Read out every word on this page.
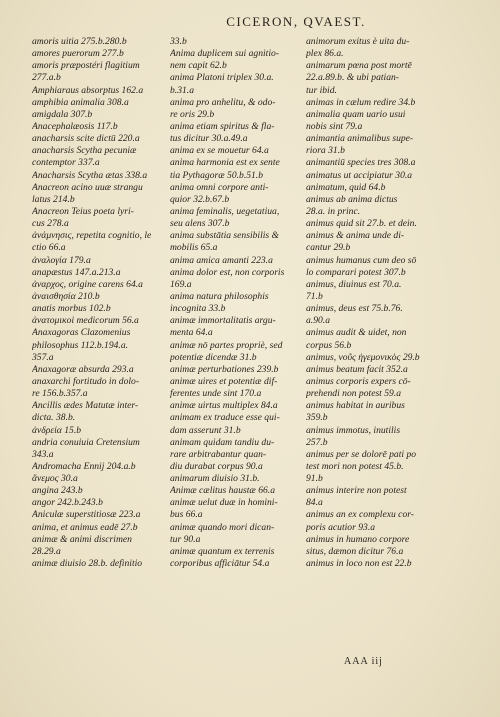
CICERON, QVAEST.
amoris uitia 275.b.280.b
amores puerorum 277.b
amoris præpostéri flagitium
277.a.b
Amphiaraus absorptus 162.a
amphibia animalia 308.a
amigdala 307.b
Anacephalæosis 117.b
anacharsis scite dictū 220.a
anacharsis Scytha pecuniæ
contemptor 337.a
Anacharsis Scytha ætas 338.a
Anacreon acino uuæ strangu
latus 214.b
Anacreon Teius poeta lyri-
cus 278.a
ἀνάμνησις, repetita cognitio, le
ctio 66.a
ἀναλογία 179.a
anapæstus 147.a.213.a
ἀναρχος, origine carens 64.a
ἀναισθησία 210.b
anatis morbus 102.b
ἀνατομικοὶ medicorum 56.a
Anaxagoras Clazomenius
philosophus 112.b.194.a.
357.a
Anaxagoræ absurda 293.a
anaxarchi fortitudo in dolo-
re 156.b.357.a
Ancillis ædes Matutæ inter-
dicta. 38.b.
ἀνδρεία 15.b
andria conuiuia Cretensium
343.a
Andromacha Ennij 204.a.b
ἄνεμος 30.a
angina 243.b
angor 242.b.243.b
Aniculæ superstitiosæ 223.a
anima, et animus eadē 27.b
animæ & animi discrimen
28.29.a
animæ diuisio 28.b. definitio
33.b
Anima duplicem sui agnitio-
nem capit 62.b
anima Platoni triplex 30.a.
b.31.a
anima pro anhelitu, & odo-
re oris 29.b
anima etiam spiritus & fla-
tus dicitur 30.a.49.a
anima ex se mouetur 64.a
anima harmonia est ex sente
tia Pythagoræ 50.b.51.b
anima omni corpore anti-
quior 32.b.67.b
anima feminalis, uegetatiua,
seu alens 307.b
anima substātia sensibilis &
mobilis 65.a
anima amica amanti 223.a
anima dolor est, non corporis
169.a
anima natura philosophis
incognita 33.b
animæ immortalitatis argu-
menta 64.a
animæ nō partes propriè, sed
potentiæ dicendæ 31.b
animæ perturbationes 239.b
animæ uires et potentiæ dif-
ferentes unde sint 170.a
animæ uirtus multiplex 84.a
animam ex traduce esse qui-
dam asserunt 31.b
animam quidam tandiu du-
rare arbitrabantur quan-
diu durabat corpus 90.a
animarum diuisio 31.b.
Animæ cælitus haustæ 66.a
animæ uelut duæ in homini-
bus 66.a
animæ quando mori dican-
tur 90.a
animæ quantum ex terrenis
corporibus afficiātur 54.a
animorum exitus è uita du-
plex 86.a.
animarum pœna post mortē
22.a.89.b. & ubi patian-
tur ibid.
animas in cælum redire 34.b
animalia quam uario usui
nobis sint 79.a
animantia animalibus supe-
riora 31.b
animantiū species tres 308.a
animatus ut accipiatur 30.a
animatum, quid 64.b
animus ab anima dictus
28.a. in princ.
animus quid sit 27.b. et dein.
animus & anima unde di-
cantur 29.b
animus humanus cum deo sō
lo comparari potest 307.b
animus, diuinus est 70.a.
71.b
animus, deus est 75.b.76.
a.90.a
animus audit & uidet, non
corpus 56.b
animus, νοῦς ἡγεμονικὸς 29.b
animus beatum facit 352.a
animus corporis expers cō-
prehendi non potest 59.a
animus habitat in auribus
359.b
animus immotus, inutilis
257.b
animus per se dolorē pati po
test mori non potest 45.b.
91.b
animus interire non potest
84.a
animus an ex complexu cor-
poris acutior 93.a
animus in humano corpore
situs, dæmon dicitur 76.a
animus in loco non est 22.b
AAA iij
